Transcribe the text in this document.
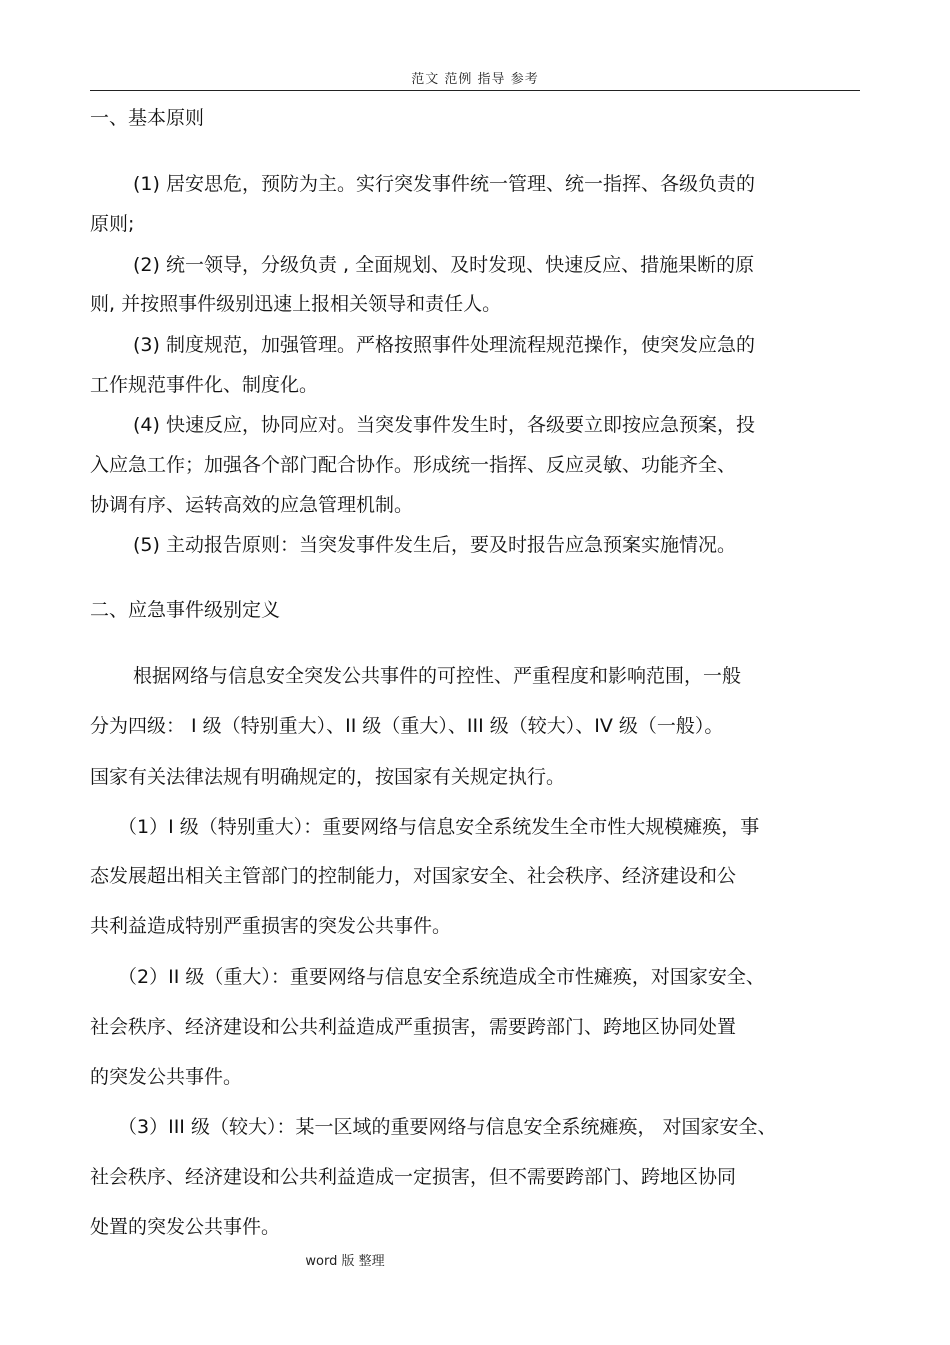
范文 范例 指导 参考
一、基本原则
(1) 居安思危，预防为主。实行突发事件统一管理、统一指挥、各级负责的
原则;
(2) 统一领导，分级负责 , 全面规划、及时发现、快速反应、措施果断的原
则, 并按照事件级别迅速上报相关领导和责任人。
(3) 制度规范，加强管理。严格按照事件处理流程规范操作，使突发应急的
工作规范事件化、制度化。
(4) 快速反应，协同应对。当突发事件发生时，各级要立即按应急预案，投
入应急工作；加强各个部门配合协作。形成统一指挥、反应灵敏、功能齐全、
协调有序、运转高效的应急管理机制。
(5) 主动报告原则：当突发事件发生后，要及时报告应急预案实施情况。
二、应急事件级别定义
根据网络与信息安全突发公共事件的可控性、严重程度和影响范围，一般
分为四级： I 级（特别重大）、II 级（重大）、III 级（较大）、IV 级（一般）。
国家有关法律法规有明确规定的，按国家有关规定执行。
（1）I 级（特别重大）：重要网络与信息安全系统发生全市性大规模瘫痪，事
态发展超出相关主管部门的控制能力，对国家安全、社会秩序、经济建设和公
共利益造成特别严重损害的突发公共事件。
（2）II 级（重大）：重要网络与信息安全系统造成全市性瘫痪，对国家安全、
社会秩序、经济建设和公共利益造成严重损害，需要跨部门、跨地区协同处置
的突发公共事件。
（3）III 级（较大）：某一区域的重要网络与信息安全系统瘫痪， 对国家安全、
社会秩序、经济建设和公共利益造成一定损害，但不需要跨部门、跨地区协同
处置的突发公共事件。
word 版 整理
